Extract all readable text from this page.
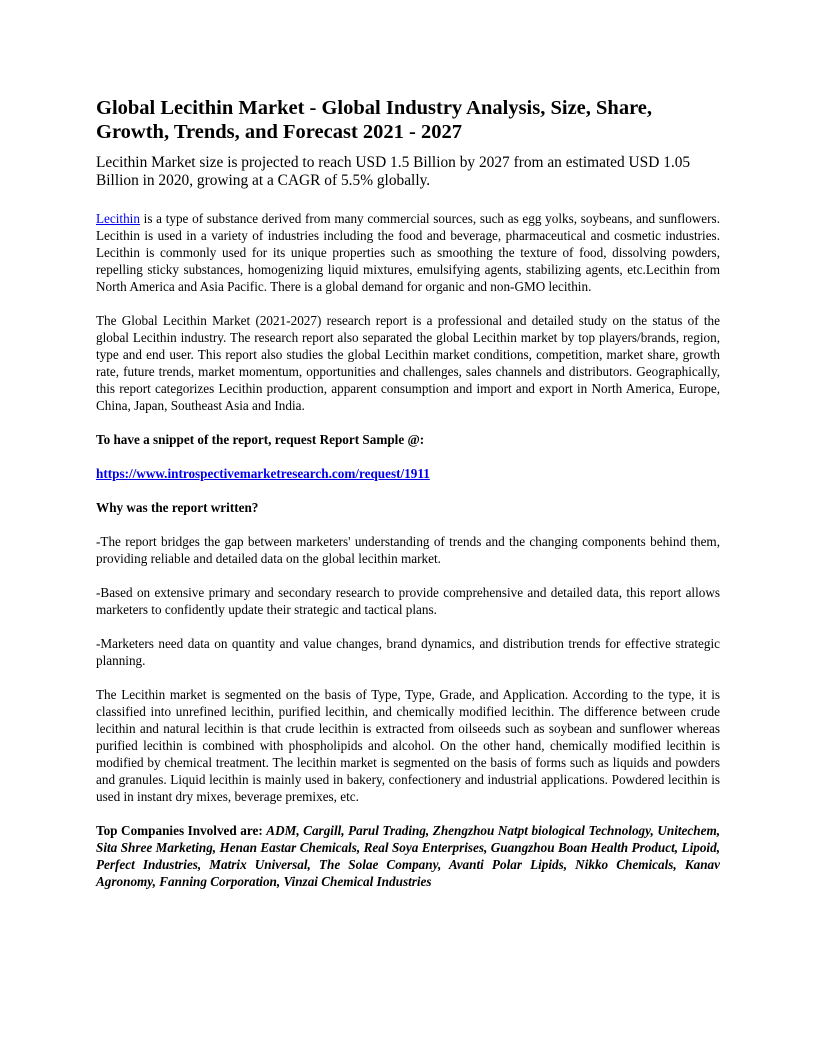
Global Lecithin Market - Global Industry Analysis, Size, Share, Growth, Trends, and Forecast 2021 - 2027

Lecithin Market size is projected to reach USD 1.5 Billion by 2027 from an estimated USD 1.05 Billion in 2020, growing at a CAGR of 5.5% globally.

Lecithin is a type of substance derived from many commercial sources, such as egg yolks, soybeans, and sunflowers. Lecithin is used in a variety of industries including the food and beverage, pharmaceutical and cosmetic industries. Lecithin is commonly used for its unique properties such as smoothing the texture of food, dissolving powders, repelling sticky substances, homogenizing liquid mixtures, emulsifying agents, stabilizing agents, etc.Lecithin from North America and Asia Pacific. There is a global demand for organic and non-GMO lecithin.

The Global Lecithin Market (2021-2027) research report is a professional and detailed study on the status of the global Lecithin industry. The research report also separated the global Lecithin market by top players/brands, region, type and end user. This report also studies the global Lecithin market conditions, competition, market share, growth rate, future trends, market momentum, opportunities and challenges, sales channels and distributors. Geographically, this report categorizes Lecithin production, apparent consumption and import and export in North America, Europe, China, Japan, Southeast Asia and India.

To have a snippet of the report, request Report Sample @:

https://www.introspectivemarketresearch.com/request/1911

Why was the report written?

-The report bridges the gap between marketers' understanding of trends and the changing components behind them, providing reliable and detailed data on the global lecithin market.

-Based on extensive primary and secondary research to provide comprehensive and detailed data, this report allows marketers to confidently update their strategic and tactical plans.

-Marketers need data on quantity and value changes, brand dynamics, and distribution trends for effective strategic planning.

The Lecithin market is segmented on the basis of Type, Type, Grade, and Application. According to the type, it is classified into unrefined lecithin, purified lecithin, and chemically modified lecithin. The difference between crude lecithin and natural lecithin is that crude lecithin is extracted from oilseeds such as soybean and sunflower whereas purified lecithin is combined with phospholipids and alcohol. On the other hand, chemically modified lecithin is modified by chemical treatment. The lecithin market is segmented on the basis of forms such as liquids and powders and granules. Liquid lecithin is mainly used in bakery, confectionery and industrial applications. Powdered lecithin is used in instant dry mixes, beverage premixes, etc.

Top Companies Involved are: ADM, Cargill, Parul Trading, Zhengzhou Natpt biological Technology, Unitechem, Sita Shree Marketing, Henan Eastar Chemicals, Real Soya Enterprises, Guangzhou Boan Health Product, Lipoid, Perfect Industries, Matrix Universal, The Solae Company, Avanti Polar Lipids, Nikko Chemicals, Kanav Agronomy, Fanning Corporation, Vinzai Chemical Industries
